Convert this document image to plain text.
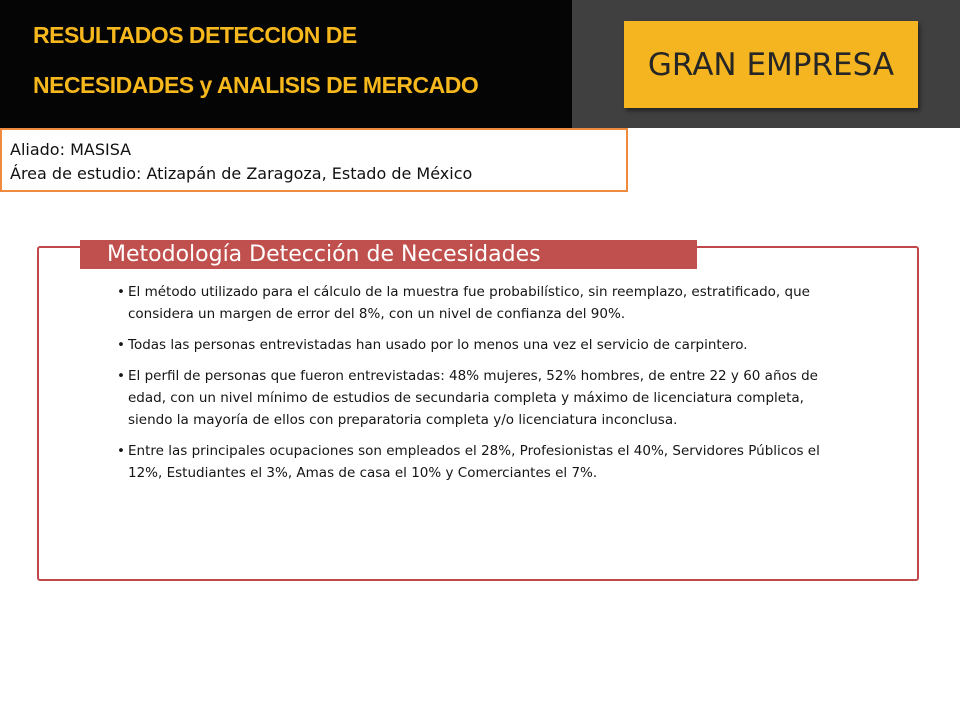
RESULTADOS DETECCION DE
NECESIDADES y ANALISIS DE MERCADO
GRAN EMPRESA
Aliado: MASISA
Área de estudio: Atizapán de Zaragoza, Estado de México
Metodología Detección de Necesidades
• El método utilizado para el cálculo de la muestra fue probabilístico, sin reemplazo, estratificado, que considera un margen de error del 8%, con un nivel de confianza del 90%.
• Todas las personas entrevistadas han usado por lo menos una vez el servicio de carpintero.
• El perfil de personas que fueron entrevistadas: 48% mujeres, 52% hombres, de entre 22 y 60 años de edad, con un nivel mínimo de estudios de secundaria completa y máximo de licenciatura completa, siendo la mayoría de ellos con preparatoria completa y/o licenciatura inconclusa.
• Entre las principales ocupaciones son empleados el 28%, Profesionistas el 40%, Servidores Públicos el 12%, Estudiantes el 3%, Amas de casa el 10% y Comerciantes el 7%.
